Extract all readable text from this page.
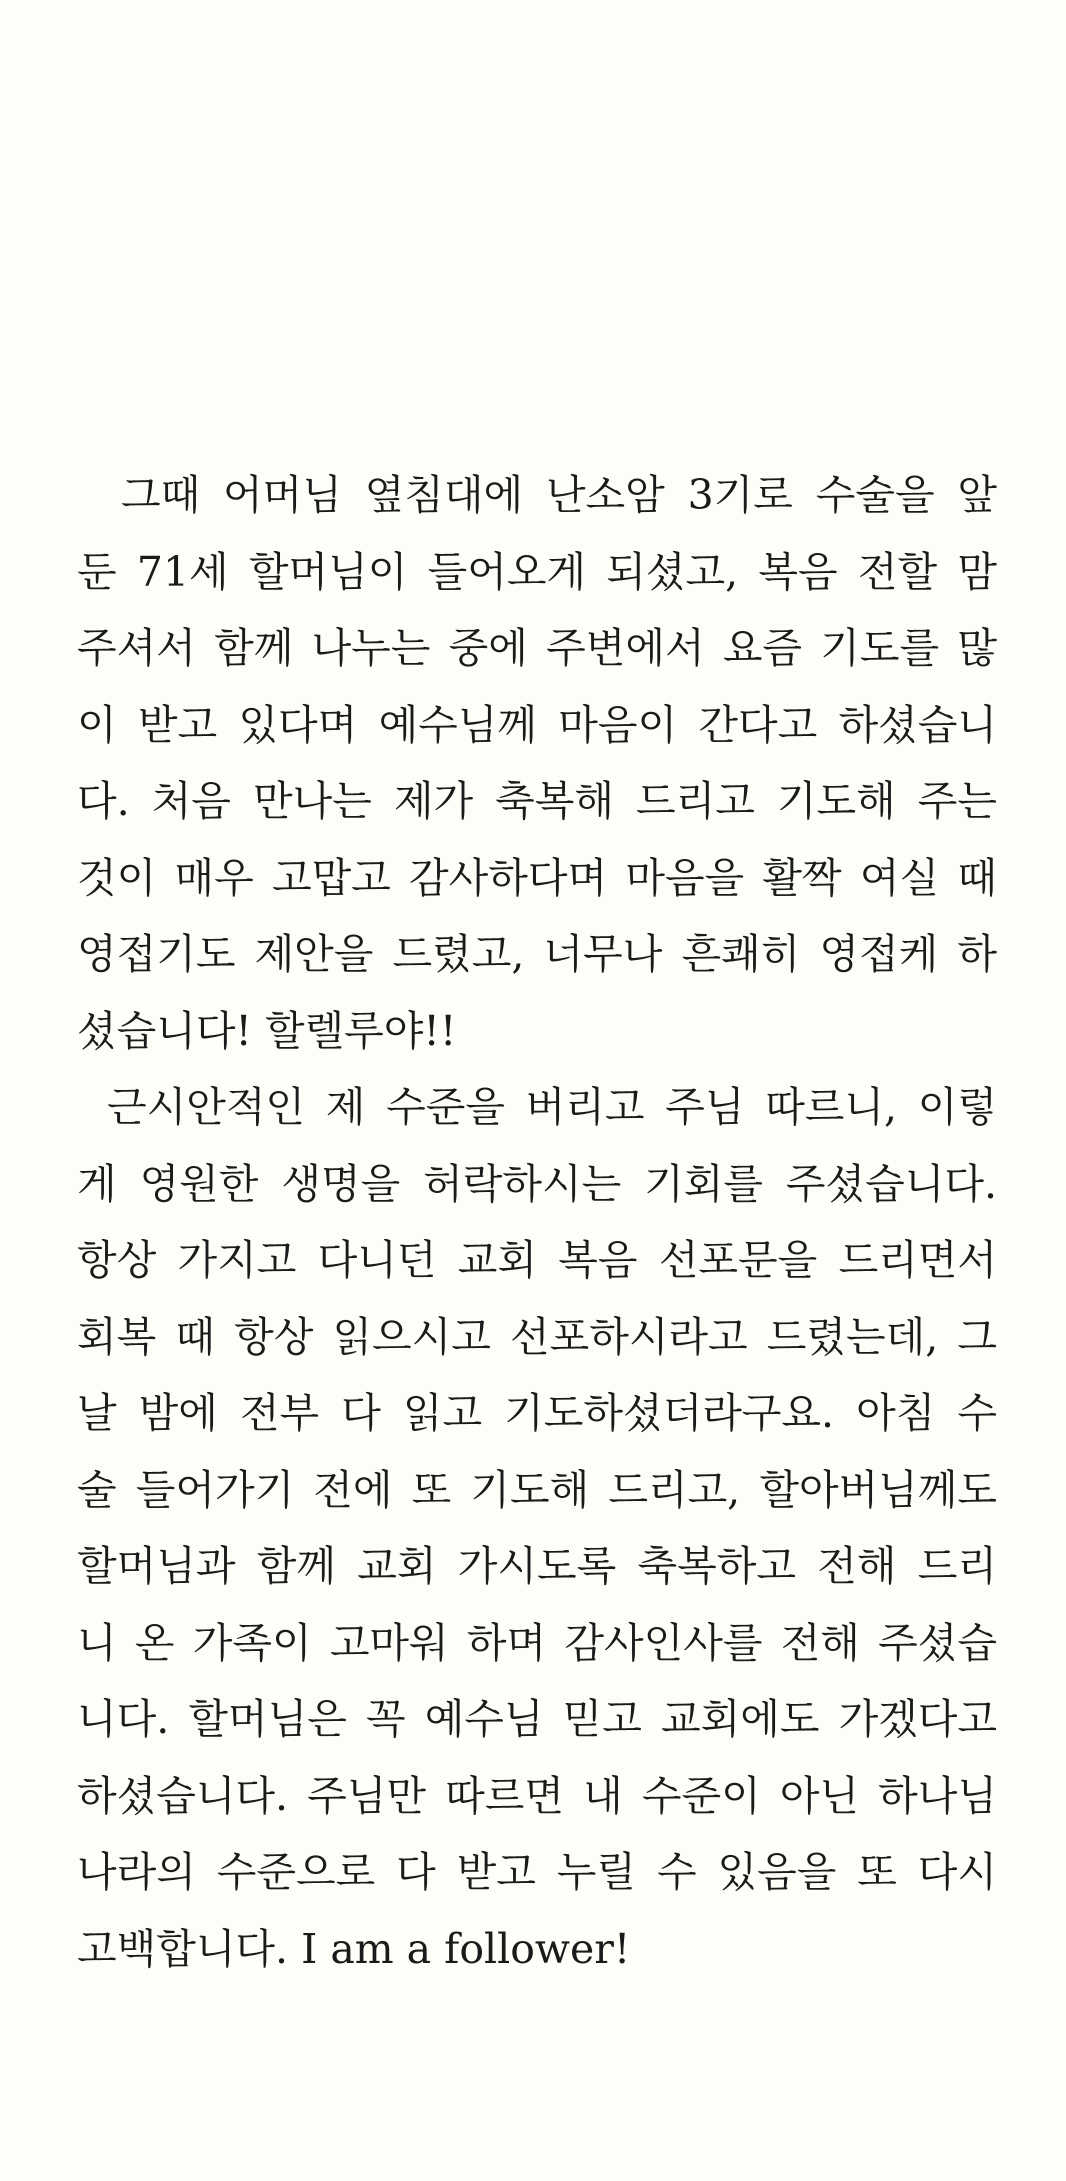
그때 어머님 옆침대에 난소암 3기로 수술을 앞
둔 71세 할머님이 들어오게 되셨고, 복음 전할 맘
주셔서 함께 나누는 중에 주변에서 요즘 기도를 많
이 받고 있다며 예수님께 마음이 간다고 하셨습니
다. 처음 만나는 제가 축복해 드리고 기도해 주는
것이 매우 고맙고 감사하다며 마음을 활짝 여실 때
영접기도 제안을 드렸고, 너무나 흔쾌히 영접케 하
셨습니다! 할렐루야!!
근시안적인 제 수준을 버리고 주님 따르니, 이렇
게 영원한 생명을 허락하시는 기회를 주셨습니다.
항상 가지고 다니던 교회 복음 선포문을 드리면서
회복 때 항상 읽으시고 선포하시라고 드렸는데, 그
날 밤에 전부 다 읽고 기도하셨더라구요. 아침 수
술 들어가기 전에 또 기도해 드리고, 할아버님께도
할머님과 함께 교회 가시도록 축복하고 전해 드리
니 온 가족이 고마워 하며 감사인사를 전해 주셨습
니다. 할머님은 꼭 예수님 믿고 교회에도 가겠다고
하셨습니다. 주님만 따르면 내 수준이 아닌 하나님
나라의 수준으로 다 받고 누릴 수 있음을 또 다시
고백합니다. I am a follower!
